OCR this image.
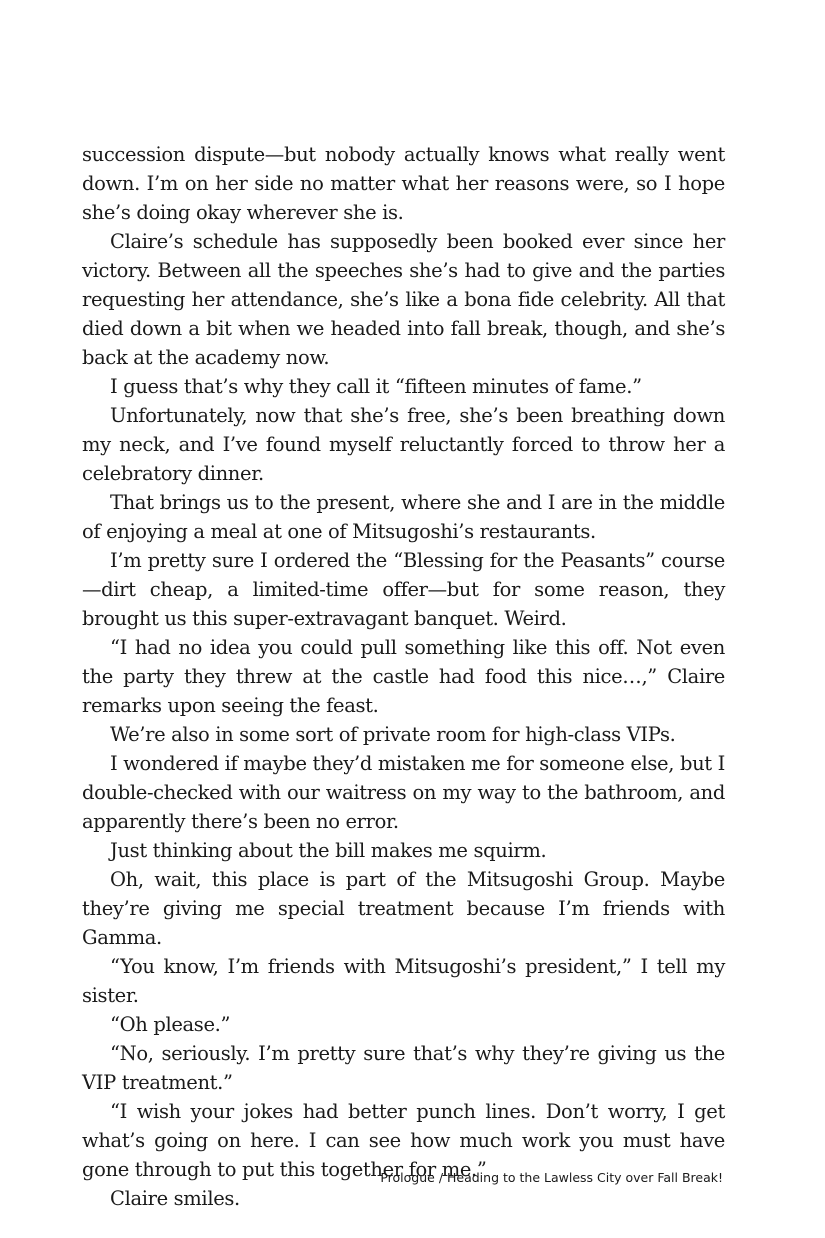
succession dispute—but nobody actually knows what really went down. I’m on her side no matter what her reasons were, so I hope she’s doing okay wherever she is.

Claire’s schedule has supposedly been booked ever since her victory. Between all the speeches she’s had to give and the parties requesting her attendance, she’s like a bona fide celebrity. All that died down a bit when we headed into fall break, though, and she’s back at the academy now.

I guess that’s why they call it “fifteen minutes of fame.”

Unfortunately, now that she’s free, she’s been breathing down my neck, and I’ve found myself reluctantly forced to throw her a celebratory dinner.

That brings us to the present, where she and I are in the middle of enjoying a meal at one of Mitsugoshi’s restaurants.

I’m pretty sure I ordered the “Blessing for the Peasants” course—dirt cheap, a limited-time offer—but for some reason, they brought us this super-extravagant banquet. Weird.

“I had no idea you could pull something like this off. Not even the party they threw at the castle had food this nice…,” Claire remarks upon seeing the feast.

We’re also in some sort of private room for high-class VIPs.

I wondered if maybe they’d mistaken me for someone else, but I double-checked with our waitress on my way to the bathroom, and apparently there’s been no error.

Just thinking about the bill makes me squirm.

Oh, wait, this place is part of the Mitsugoshi Group. Maybe they’re giving me special treatment because I’m friends with Gamma.

“You know, I’m friends with Mitsugoshi’s president,” I tell my sister.

“Oh please.”

“No, seriously. I’m pretty sure that’s why they’re giving us the VIP treatment.”

“I wish your jokes had better punch lines. Don’t worry, I get what’s going on here. I can see how much work you must have gone through to put this together for me.”

Claire smiles.

Prologue / Heading to the Lawless City over Fall Break!
